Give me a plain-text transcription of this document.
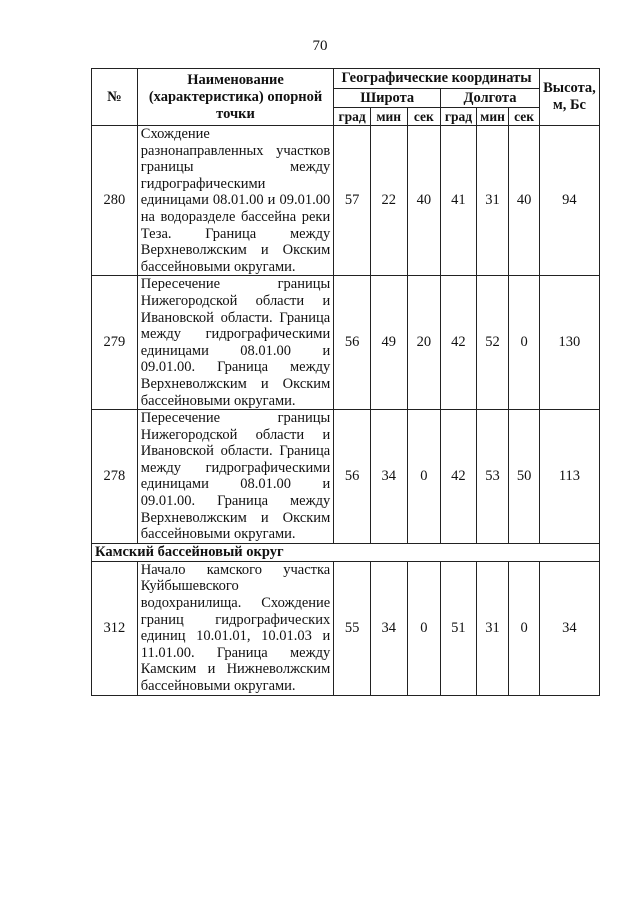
70
№	Наименование (характеристика) опорной точки	Географические координаты						Высота, м, Бс
		Широта			Долгота			
		град	мин	сек	град	мин	сек	
280	Схождение разнонаправленных участков границы между гидрографическими единицами 08.01.00 и 09.01.00 на водоразделе бассейна реки Теза. Граница между Верхневолжским и Окским бассейновыми округами.	57	22	40	41	31	40	94
279	Пересечение границы Нижегородской области и Ивановской области. Граница между гидрографическими единицами 08.01.00 и 09.01.00. Граница между Верхневолжским и Окским бассейновыми округами.	56	49	20	42	52	0	130
278	Пересечение границы Нижегородской области и Ивановской области. Граница между гидрографическими единицами 08.01.00 и 09.01.00. Граница между Верхневолжским и Окским бассейновыми округами.	56	34	0	42	53	50	113
Камский бассейновый округ								
312	Начало камского участка Куйбышевского водохранилища. Схождение границ гидрографических единиц 10.01.01, 10.01.03 и 11.01.00. Граница между Камским и Нижневолжским бассейновыми округами.	55	34	0	51	31	0	34
